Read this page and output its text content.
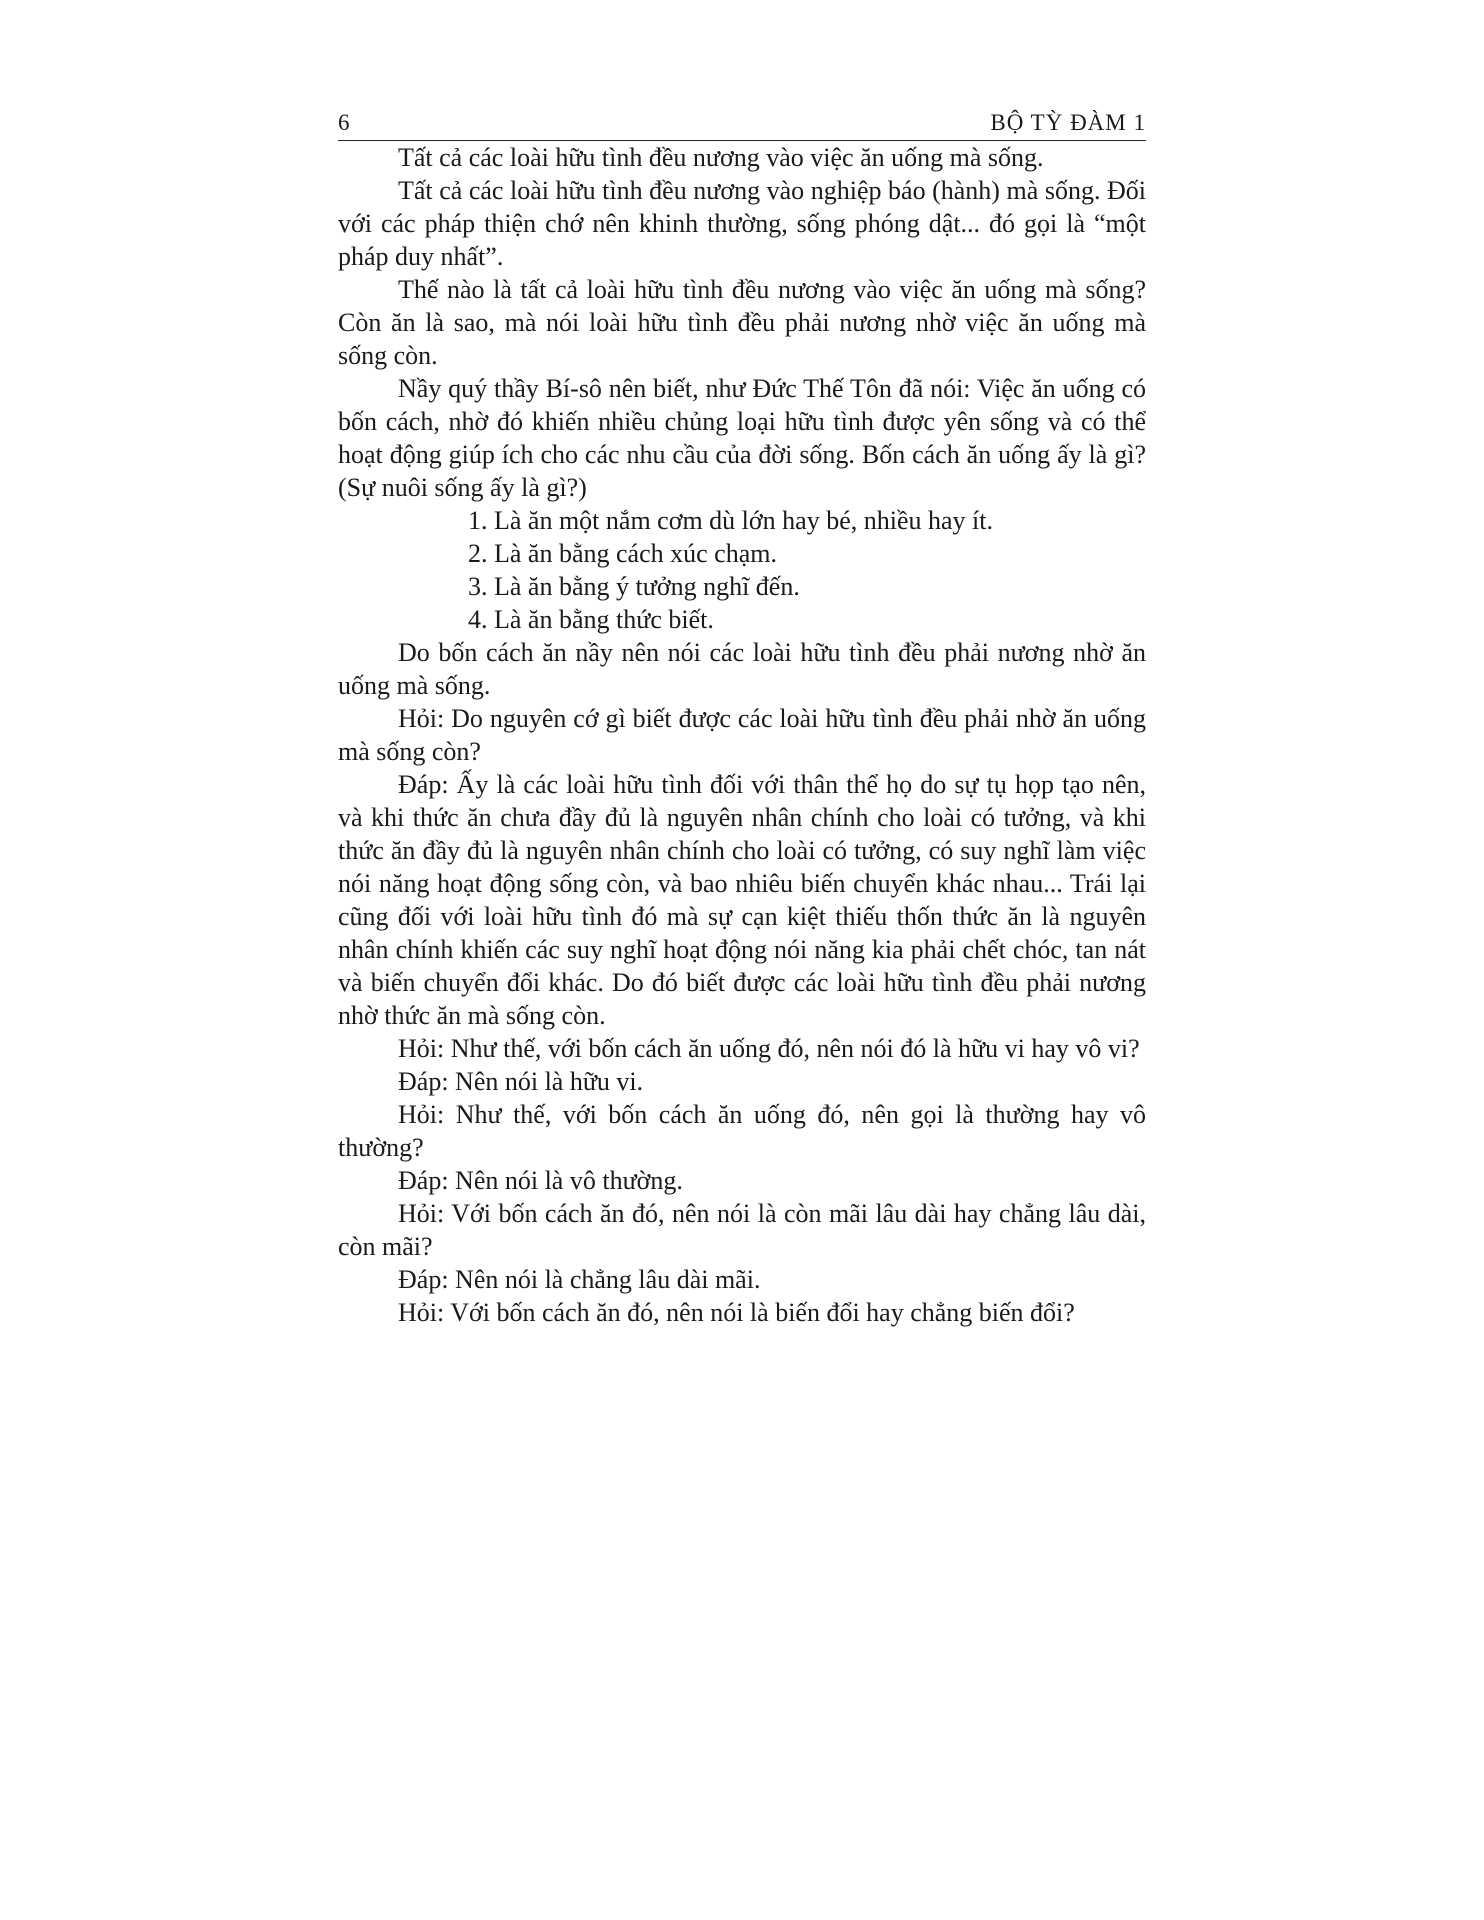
6	BỘ TỲ ĐÀM 1

Tất cả các loài hữu tình đều nương vào việc ăn uống mà sống.

Tất cả các loài hữu tình đều nương vào nghiệp báo (hành) mà sống. Đối với các pháp thiện chớ nên khinh thường, sống phóng dật... đó gọi là “một pháp duy nhất”.

Thế nào là tất cả loài hữu tình đều nương vào việc ăn uống mà sống? Còn ăn là sao, mà nói loài hữu tình đều phải nương nhờ việc ăn uống mà sống còn.

Nầy quý thầy Bí-sô nên biết, như Đức Thế Tôn đã nói: Việc ăn uống có bốn cách, nhờ đó khiến nhiều chủng loại hữu tình được yên sống và có thể hoạt động giúp ích cho các nhu cầu của đời sống. Bốn cách ăn uống ấy là gì? (Sự nuôi sống ấy là gì?)

1. Là ăn một nắm cơm dù lớn hay bé, nhiều hay ít.
2. Là ăn bằng cách xúc chạm.
3. Là ăn bằng ý tưởng nghĩ đến.
4. Là ăn bằng thức biết.

Do bốn cách ăn nầy nên nói các loài hữu tình đều phải nương nhờ ăn uống mà sống.

Hỏi: Do nguyên cớ gì biết được các loài hữu tình đều phải nhờ ăn uống mà sống còn?

Đáp: Ấy là các loài hữu tình đối với thân thể họ do sự tụ họp tạo nên, và khi thức ăn chưa đầy đủ là nguyên nhân chính cho loài có tưởng, và khi thức ăn đầy đủ là nguyên nhân chính cho loài có tưởng, có suy nghĩ làm việc nói năng hoạt động sống còn, và bao nhiêu biến chuyển khác nhau... Trái lại cũng đối với loài hữu tình đó mà sự cạn kiệt thiếu thốn thức ăn là nguyên nhân chính khiến các suy nghĩ hoạt động nói năng kia phải chết chóc, tan nát và biến chuyển đổi khác. Do đó biết được các loài hữu tình đều phải nương nhờ thức ăn mà sống còn.

Hỏi: Như thế, với bốn cách ăn uống đó, nên nói đó là hữu vi hay vô vi?

Đáp: Nên nói là hữu vi.

Hỏi: Như thế, với bốn cách ăn uống đó, nên gọi là thường hay vô thường?

Đáp: Nên nói là vô thường.

Hỏi: Với bốn cách ăn đó, nên nói là còn mãi lâu dài hay chẳng lâu dài, còn mãi?

Đáp: Nên nói là chẳng lâu dài mãi.

Hỏi: Với bốn cách ăn đó, nên nói là biến đổi hay chẳng biến đổi?
